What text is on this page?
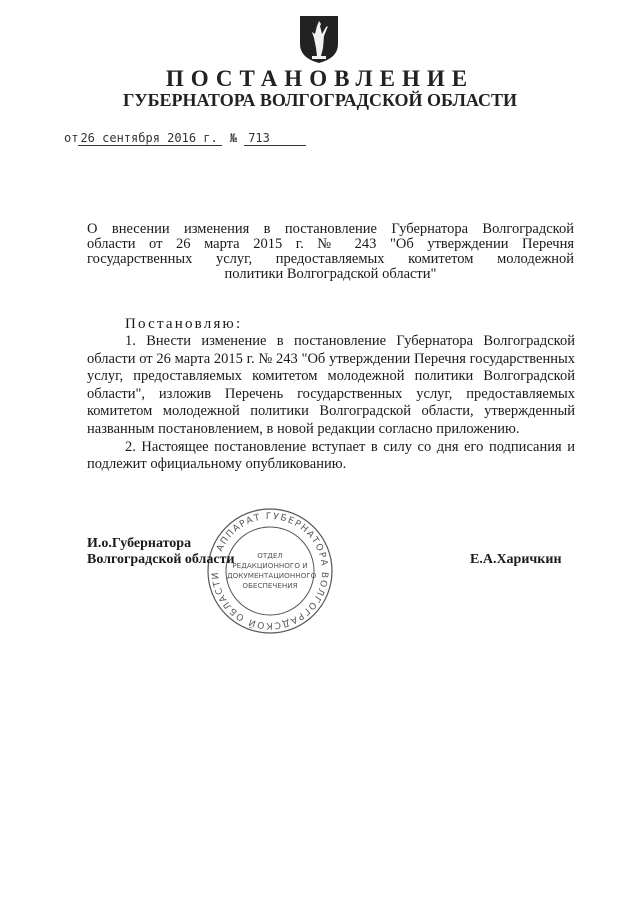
ПОСТАНОВЛЕНИЕ
ГУБЕРНАТОРА ВОЛГОГРАДСКОЙ ОБЛАСТИ
от 26 сентября 2016 г. № 713
О внесении изменения в постановление Губернатора Волгоградской
области от 26 марта 2015 г. № 243 "Об утверждении Перечня
государственных услуг, предоставляемых комитетом молодежной
политики Волгоградской области"
Постановляю:

1. Внести изменение в постановление Губернатора Волгоградской области от 26 марта 2015 г. № 243 "Об утверждении Перечня государственных услуг, предоставляемых комитетом молодежной политики Волгоградской области", изложив Перечень государственных услуг, предоставляемых комитетом молодежной политики Волгоградской области, утвержденный названным постановлением, в новой редакции согласно приложению.

2. Настоящее постановление вступает в силу со дня его подписания и подлежит официальному опубликованию.

АППАРАТ ГУБЕРНАТОРА ВОЛГОГРАДСКОЙ ОБЛАСТИ
ОТДЕЛ
РЕДАКЦИОННОГО И
ДОКУМЕНТАЦИОННОГО
ОБЕСПЕЧЕНИЯ
И.о.Губернатора
Волгоградской области	Е.А.Харичкин
